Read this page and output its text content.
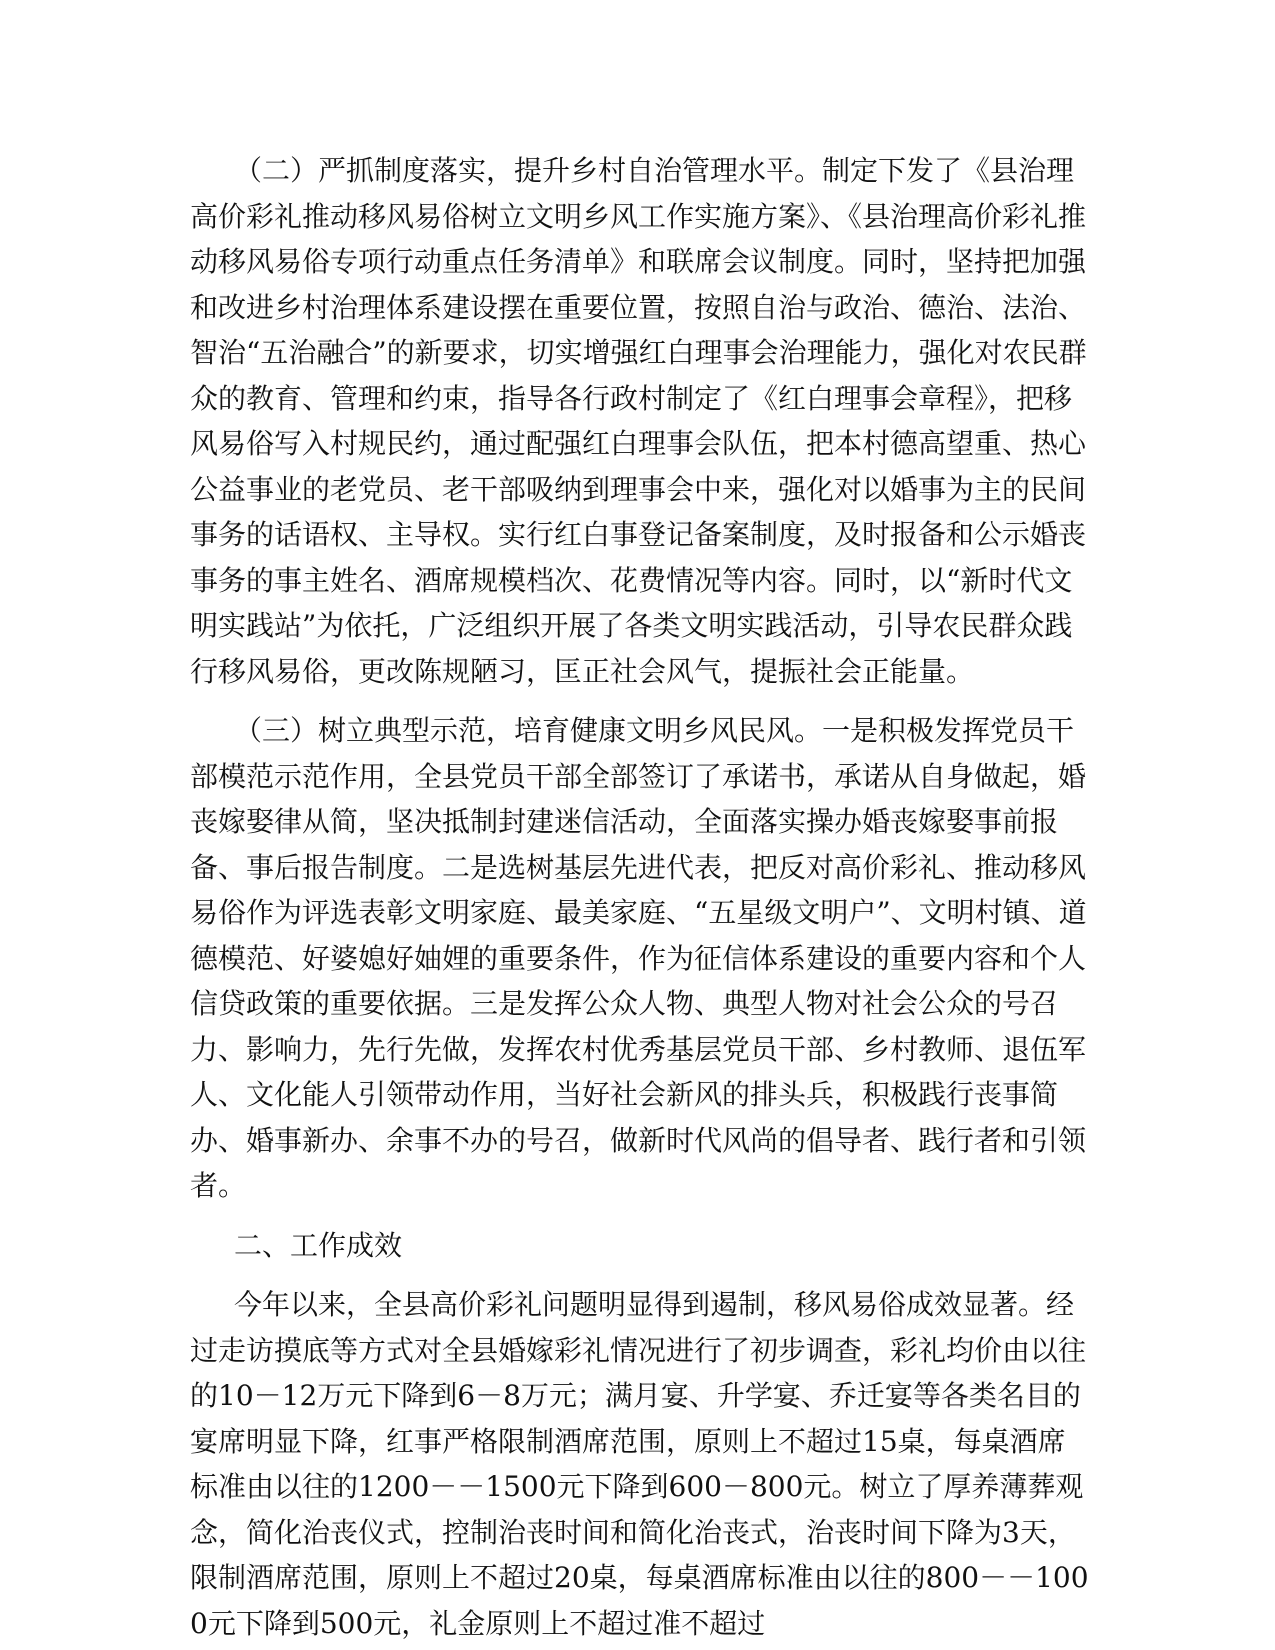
（二）严抓制度落实，提升乡村自治管理水平。制定下发了《县治理高价彩礼推动移风易俗树立文明乡风工作实施方案》、《县治理高价彩礼推动移风易俗专项行动重点任务清单》和联席会议制度。同时，坚持把加强和改进乡村治理体系建设摆在重要位置，按照自治与政治、德治、法治、智治“五治融合”的新要求，切实增强红白理事会治理能力，强化对农民群众的教育、管理和约束，指导各行政村制定了《红白理事会章程》，把移风易俗写入村规民约，通过配强红白理事会队伍，把本村德高望重、热心公益事业的老党员、老干部吸纳到理事会中来，强化对以婚事为主的民间事务的话语权、主导权。实行红白事登记备案制度，及时报备和公示婚丧事务的事主姓名、酒席规模档次、花费情况等内容。同时，以“新时代文明实践站”为依托，广泛组织开展了各类文明实践活动，引导农民群众践行移风易俗，更改陈规陋习，匡正社会风气，提振社会正能量。

（三）树立典型示范，培育健康文明乡风民风。一是积极发挥党员干部模范示范作用，全县党员干部全部签订了承诺书，承诺从自身做起，婚丧嫁娶律从简，坚决抵制封建迷信活动，全面落实操办婚丧嫁娶事前报备、事后报告制度。二是选树基层先进代表，把反对高价彩礼、推动移风易俗作为评选表彰文明家庭、最美家庭、“五星级文明户”、文明村镇、道德模范、好婆媳好妯娌的重要条件，作为征信体系建设的重要内容和个人信贷政策的重要依据。三是发挥公众人物、典型人物对社会公众的号召力、影响力，先行先做，发挥农村优秀基层党员干部、乡村教师、退伍军人、文化能人引领带动作用，当好社会新风的排头兵，积极践行丧事简办、婚事新办、余事不办的号召，做新时代风尚的倡导者、践行者和引领者。

二、工作成效

今年以来，全县高价彩礼问题明显得到遏制，移风易俗成效显著。经过走访摸底等方式对全县婚嫁彩礼情况进行了初步调查，彩礼均价由以往的10－12万元下降到6－8万元；满月宴、升学宴、乔迁宴等各类名目的宴席明显下降，红事严格限制酒席范围，原则上不超过15桌，每桌酒席标准由以往的1200－－1500元下降到600－800元。树立了厚养薄葬观念，简化治丧仪式，控制治丧时间和简化治丧式，治丧时间下降为3天，限制酒席范围，原则上不超过20桌，每桌酒席标准由以往的800－－1000元下降到500元，礼金原则上不超过准不超过
